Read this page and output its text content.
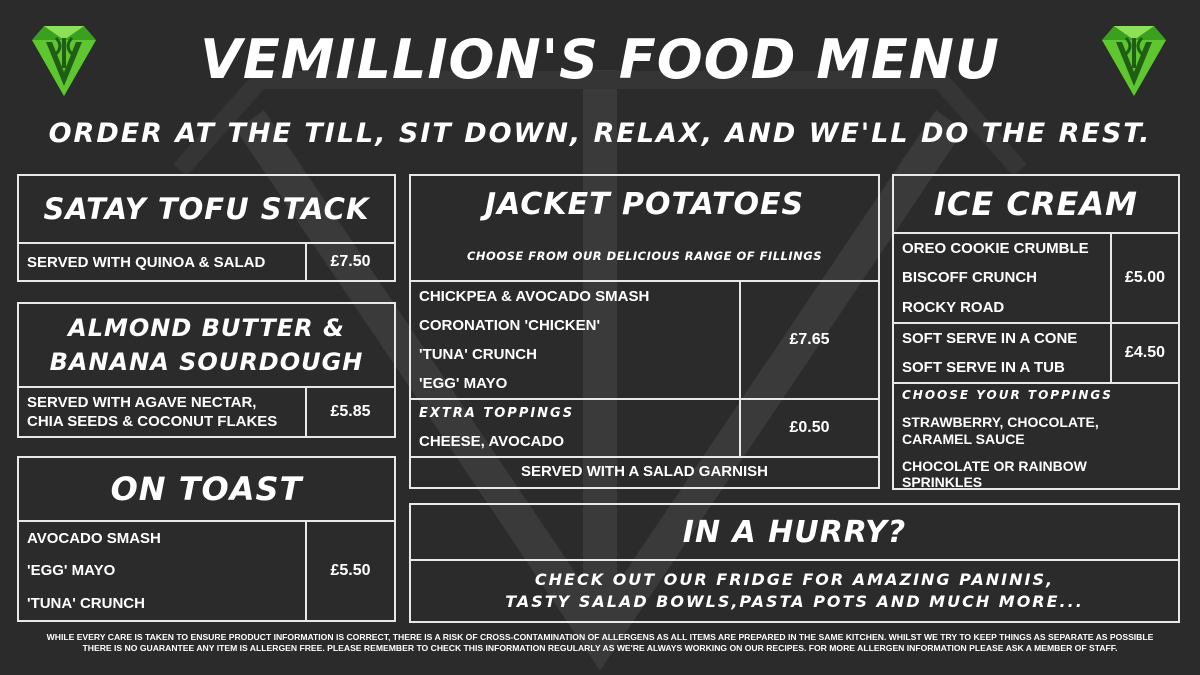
VEMILLION'S FOOD MENU
ORDER AT THE TILL, SIT DOWN, RELAX, AND WE'LL DO THE REST.
SATAY TOFU STACK
SERVED WITH QUINOA & SALAD	£7.50
ALMOND BUTTER &
BANANA SOURDOUGH
SERVED WITH AGAVE NECTAR,
CHIA SEEDS & COCONUT FLAKES
£5.85
ON TOAST
AVOCADO SMASH
'EGG' MAYO
'TUNA' CRUNCH
£5.50
JACKET POTATOES
CHOOSE FROM OUR DELICIOUS RANGE OF FILLINGS
CHICKPEA & AVOCADO SMASH
CORONATION 'CHICKEN'
'TUNA' CRUNCH
'EGG' MAYO
£7.65
EXTRA TOPPINGS
CHEESE, AVOCADO
£0.50
SERVED WITH A SALAD GARNISH
ICE CREAM
OREO COOKIE CRUMBLE
BISCOFF CRUNCH
ROCKY ROAD
£5.00
SOFT SERVE IN A CONE
SOFT SERVE IN A TUB
£4.50
CHOOSE YOUR TOPPINGS
STRAWBERRY, CHOCOLATE, CARAMEL SAUCE
CHOCOLATE OR RAINBOW SPRINKLES
IN A HURRY?
CHECK OUT OUR FRIDGE FOR AMAZING PANINIS,
TASTY SALAD BOWLS,PASTA POTS AND MUCH MORE...
WHILE EVERY CARE IS TAKEN TO ENSURE PRODUCT INFORMATION IS CORRECT, THERE IS A RISK OF CROSS-CONTAMINATION OF ALLERGENS AS ALL ITEMS ARE PREPARED IN THE SAME KITCHEN. WHILST WE TRY TO KEEP THINGS AS SEPARATE AS POSSIBLE THERE IS NO GUARANTEE ANY ITEM IS ALLERGEN FREE. PLEASE REMEMBER TO CHECK THIS INFORMATION REGULARLY AS WE'RE ALWAYS WORKING ON OUR RECIPES. FOR MORE ALLERGEN INFORMATION PLEASE ASK A MEMBER OF STAFF.
